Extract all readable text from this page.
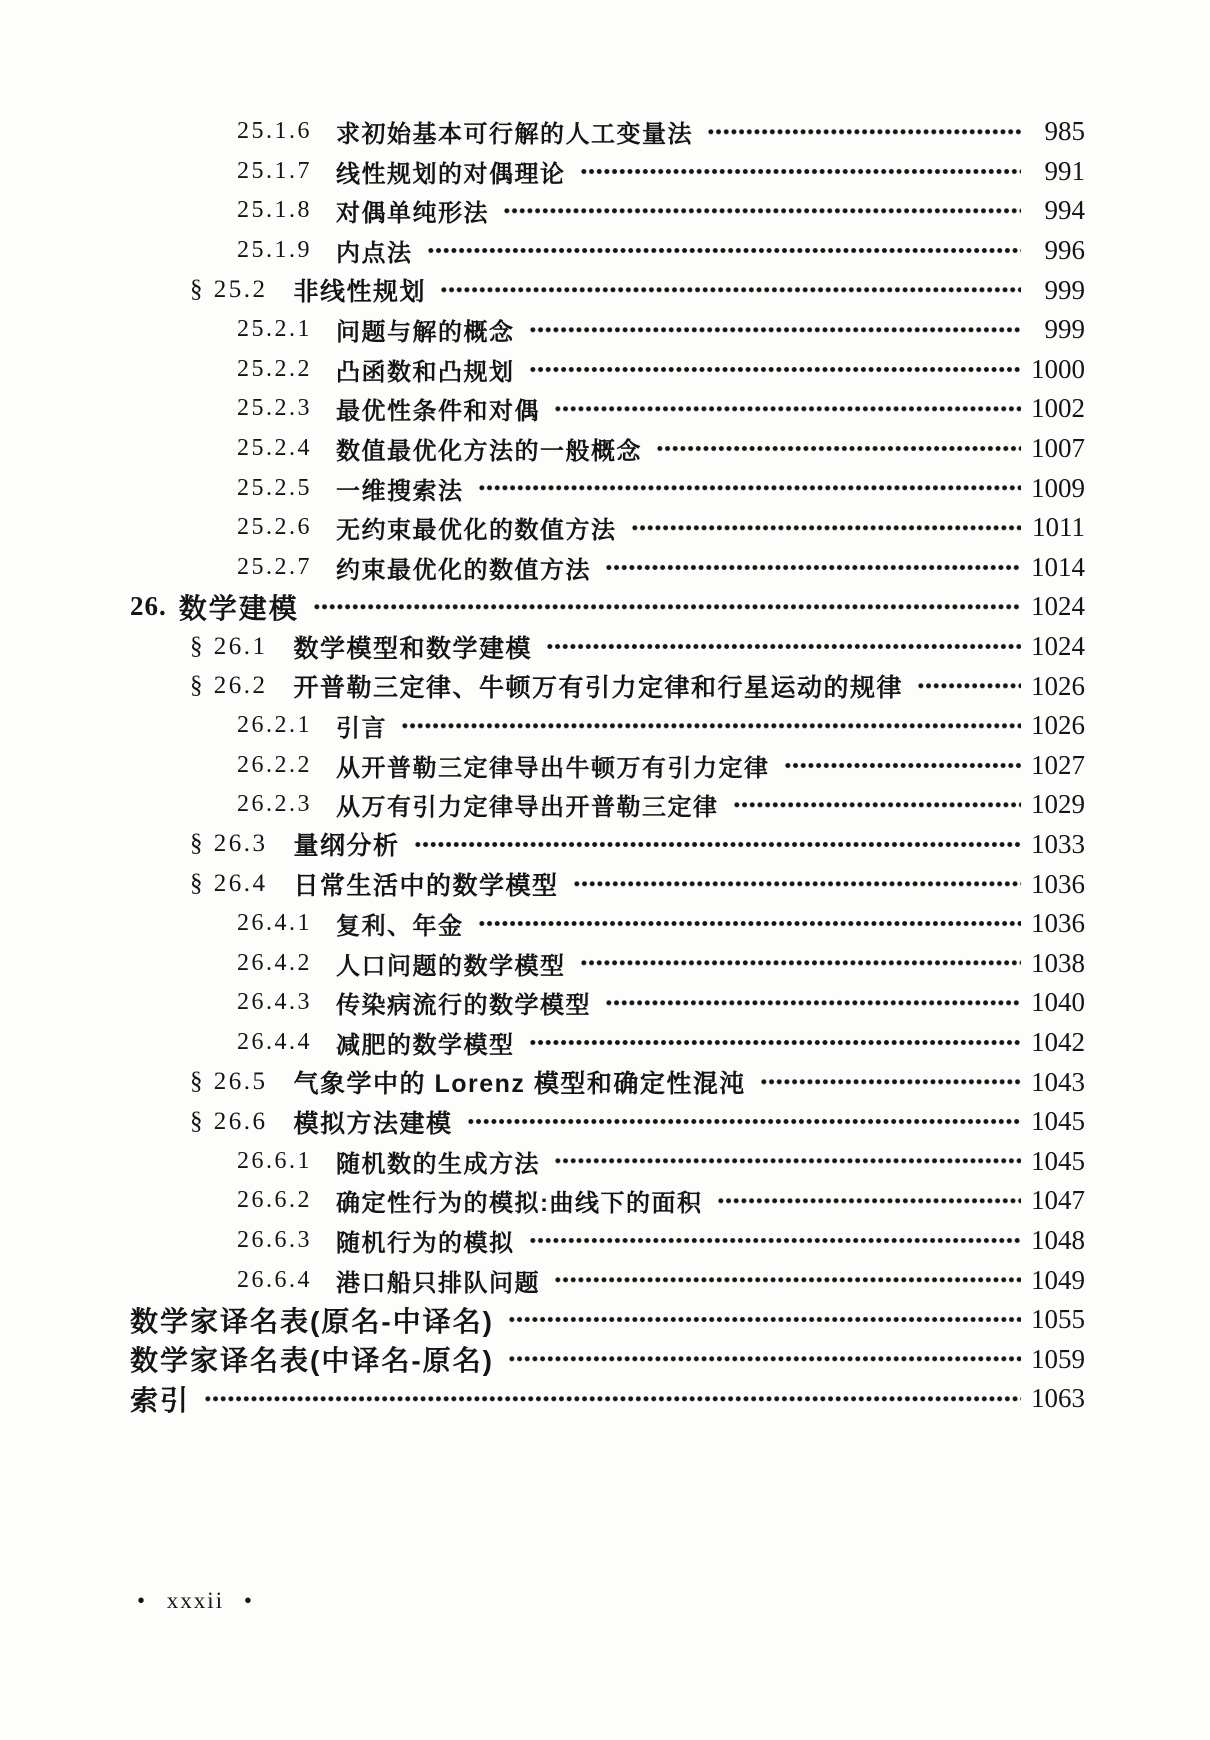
25.1.6 求初始基本可行解的人工变量法	985
25.1.7 线性规划的对偶理论	991
25.1.8 对偶单纯形法	994
25.1.9 内点法	996
§ 25.2 非线性规划	999
25.2.1 问题与解的概念	999
25.2.2 凸函数和凸规划	1000
25.2.3 最优性条件和对偶	1002
25.2.4 数值最优化方法的一般概念	1007
25.2.5 一维搜索法	1009
25.2.6 无约束最优化的数值方法	1011
25.2.7 约束最优化的数值方法	1014
26. 数学建模	1024
§ 26.1 数学模型和数学建模	1024
§ 26.2 开普勒三定律、牛顿万有引力定律和行星运动的规律	1026
26.2.1 引言	1026
26.2.2 从开普勒三定律导出牛顿万有引力定律	1027
26.2.3 从万有引力定律导出开普勒三定律	1029
§ 26.3 量纲分析	1033
§ 26.4 日常生活中的数学模型	1036
26.4.1 复利、年金	1036
26.4.2 人口问题的数学模型	1038
26.4.3 传染病流行的数学模型	1040
26.4.4 减肥的数学模型	1042
§ 26.5 气象学中的 Lorenz 模型和确定性混沌	1043
§ 26.6 模拟方法建模	1045
26.6.1 随机数的生成方法	1045
26.6.2 确定性行为的模拟:曲线下的面积	1047
26.6.3 随机行为的模拟	1048
26.6.4 港口船只排队问题	1049
数学家译名表(原名-中译名)	1055
数学家译名表(中译名-原名)	1059
索引	1063
• xxxii •
